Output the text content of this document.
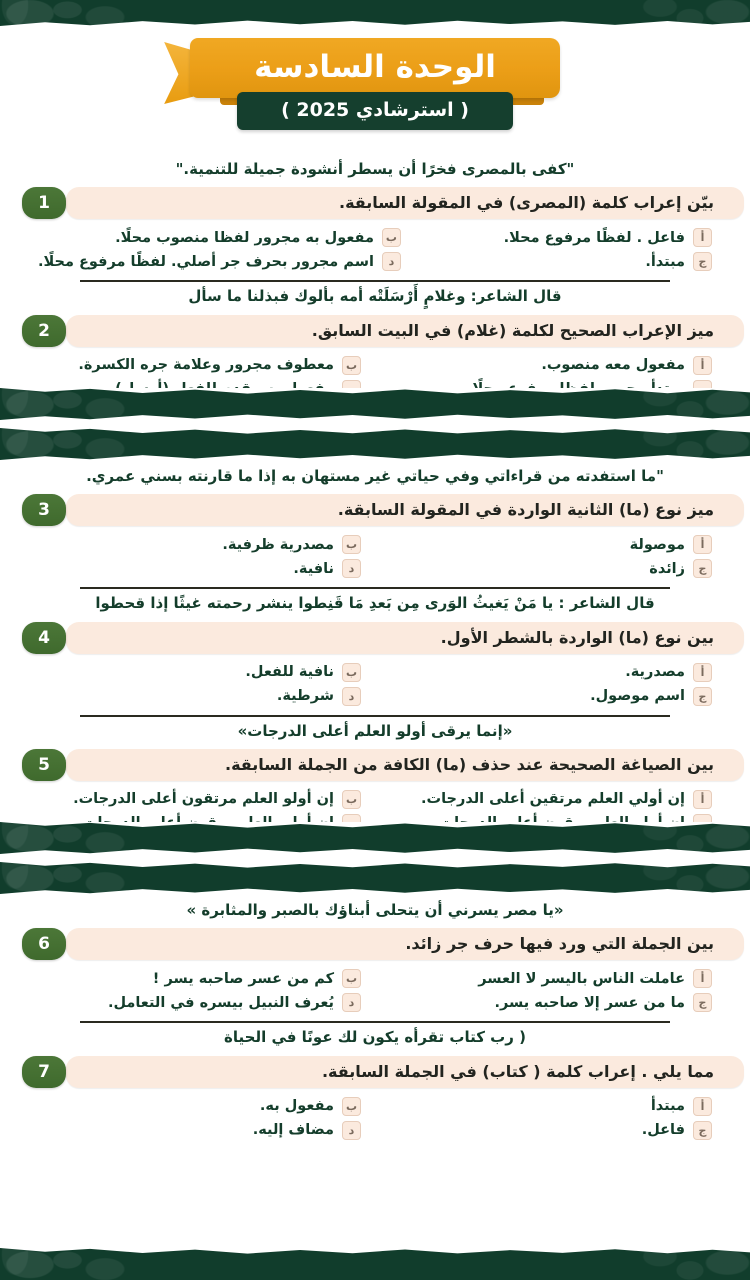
الوحدة السادسة
( استرشادي 2025 )
"كفى بالمصرى فخرًا أن يسطر أنشودة جميلة للتنمية."
بيّن إعراب كلمة (المصرى) في المقولة السابقة.
1
أ
فاعل . لفظًا مرفوع محلا.
ب
مفعول به مجرور لفظا منصوب محلًا.
ج
مبتدأ.
د
اسم مجرور بحرف جر أصلي. لفظًا مرفوع محلًا.
قال الشاعر: وغلامٍ أَرْسَلَتْه أمه بألوك فبذلنا ما سأل
ميز الإعراب الصحيح لكلمة (غلام) في البيت السابق.
2
أ
مفعول معه منصوب.
ب
معطوف مجرور وعلامة جره الكسرة.
"ما استفدته من قراءاتي وفي حياتي غير مستهان به إذا ما قارنته بسني عمري.
ميز نوع (ما) الثانية الواردة في المقولة السابقة.
3
أ
موصولة
ب
مصدرية ظرفية.
ج
زائدة
د
نافية.
قال الشاعر : يا مَنْ يَغيثُ الوَرى مِن بَعدِ مَا قَنِطوا ينشر رحمته غيثًا إذا قحطوا
بين نوع (ما) الواردة بالشطر الأول.
4
أ
مصدرية.
ب
نافية للفعل.
ج
اسم موصول.
د
شرطية.
«إنما يرقى أولو العلم أعلى الدرجات»
بين الصياغة الصحيحة عند حذف (ما) الكافة من الجملة السابقة.
5
أ
إن أولي العلم مرتقين أعلى الدرجات.
ب
إن أولو العلم مرتقون أعلى الدرجات.
«يا مصر يسرني أن يتحلى أبناؤك بالصبر والمثابرة »
بين الجملة التي ورد فيها حرف جر زائد.
6
أ
عاملت الناس باليسر لا العسر
ب
كم من عسر صاحبه يسر !
ج
ما من عسر إلا صاحبه يسر.
د
يُعرف النبيل بيسره في التعامل.
( رب كتاب تقرأه يكون لك عونًا في الحياة
مما يلي . إعراب كلمة ( كتاب) في الجملة السابقة.
7
أ
مبتدأ
ب
مفعول به.
ج
فاعل.
د
مضاف إليه.
